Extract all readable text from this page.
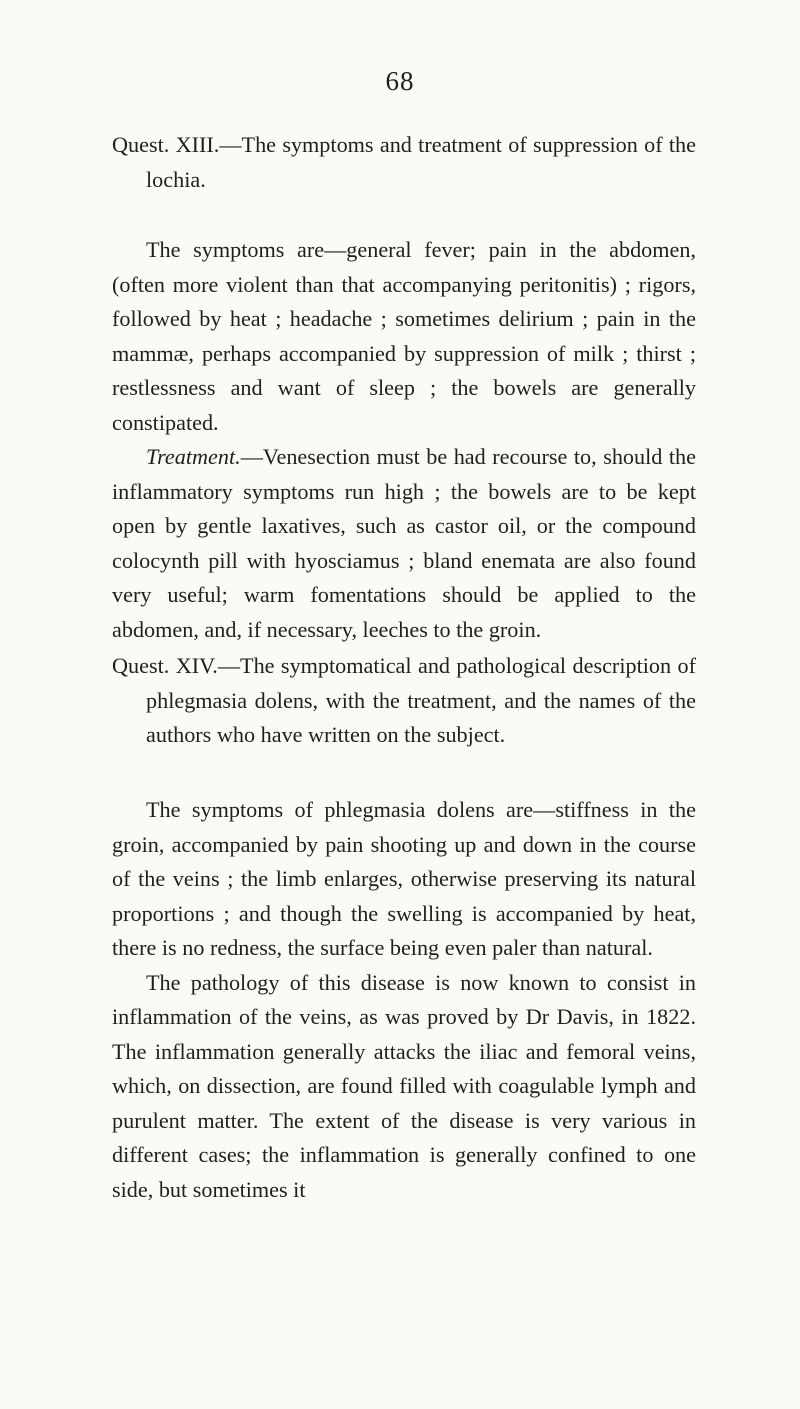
68

Quest. XIII.—The symptoms and treatment of suppression of the lochia.

The symptoms are—general fever; pain in the abdomen, (often more violent than that accompanying peritonitis) ; rigors, followed by heat ; headache ; sometimes delirium ; pain in the mammæ, perhaps accompanied by suppression of milk ; thirst ; restlessness and want of sleep ; the bowels are generally constipated.

Treatment.—Venesection must be had recourse to, should the inflammatory symptoms run high ; the bowels are to be kept open by gentle laxatives, such as castor oil, or the compound colocynth pill with hyosciamus ; bland enemata are also found very useful; warm fomentations should be applied to the abdomen, and, if necessary, leeches to the groin.

Quest. XIV.—The symptomatical and pathological description of phlegmasia dolens, with the treatment, and the names of the authors who have written on the subject.

The symptoms of phlegmasia dolens are—stiffness in the groin, accompanied by pain shooting up and down in the course of the veins ; the limb enlarges, otherwise preserving its natural proportions ; and though the swelling is accompanied by heat, there is no redness, the surface being even paler than natural.

The pathology of this disease is now known to consist in inflammation of the veins, as was proved by Dr Davis, in 1822. The inflammation generally attacks the iliac and femoral veins, which, on dissection, are found filled with coagulable lymph and purulent matter. The extent of the disease is very various in different cases; the inflammation is generally confined to one side, but sometimes it
